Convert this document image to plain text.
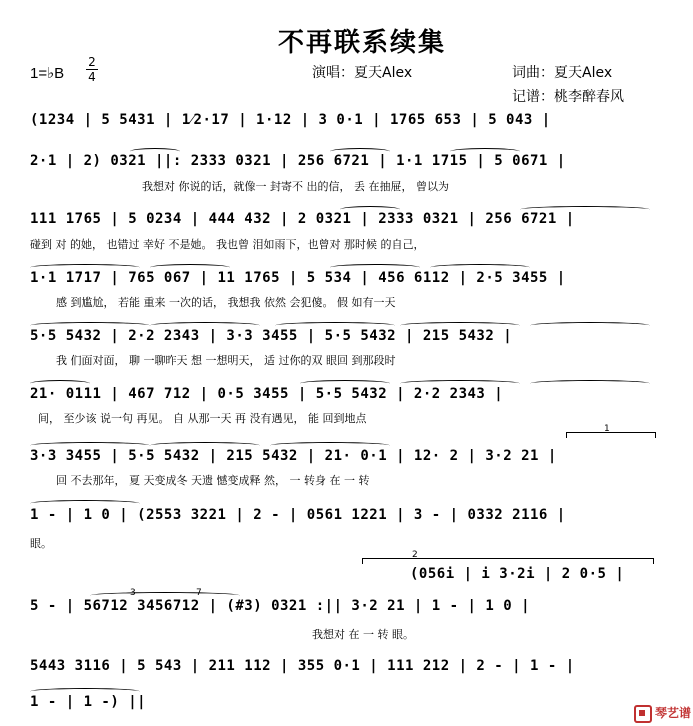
不再联系续集
1=♭B
2
4	演唱：夏天Alex	词曲：夏天Alex
记谱：桃李醉春风
(1234 | 5 5431 | 1⁄2·17 | 1·12 | 3 0·1 | 1765 653 | 5 043 |
2·1 | 2) 0321 ||: 2333 0321 | 256 6721 | 1·1 1715 | 5 0671 |
我想对 你说的话，就像一 封寄不 出的信， 丢 在抽屉， 曾以为
111 1765 | 5 0234 | 444 432 | 2 0321 | 2333 0321 | 256 6721 |
碰到 对 的她， 也错过 幸好 不是她。 我也曾 泪如雨下，也曾对 那时候 的自己，
1·1 1717 | 765 067 | 11 1765 | 5 534 | 456 6112 | 2·5 3455 |
感 到尴尬， 若能 重来 一次的话， 我想我 依然 会犯傻。 假 如有一天
5·5 5432 | 2·2 2343 | 3·3 3455 | 5·5 5432 | 215 5432 |
我 们面对面， 聊 一聊昨天 想 一想明天， 适 过你的双 眼回 到那段时
21· 0111 | 467 712 | 0·5 3455 | 5·5 5432 | 2·2 2343 |
间， 至少该 说一句 再见。 自 从那一天 再 没有遇见， 能 回到地点
1
3·3 3455 | 5·5 5432 | 215 5432 | 21· 0·1 | 12· 2 | 3·2 21 |
回 不去那年， 夏 天变成冬 天遗 憾变成释 然， 一 转身 在 一 转
1 - | 1 0 | (2553 3221 | 2 - | 0561 1221 | 3 - | 0332 2116 |
眼。
2
(056i | i 3·2i | 2 0·5 |
3	7
5 - | 56712 3456712 | (#3) 0321 :|| 3·2 21 | 1 - | 1 0 |
我想对 在 一 转 眼。
5443 3116 | 5 543 | 211 112 | 355 0·1 | 111 212 | 2 - | 1 - |
1 - | 1 -) ||
琴艺谱
